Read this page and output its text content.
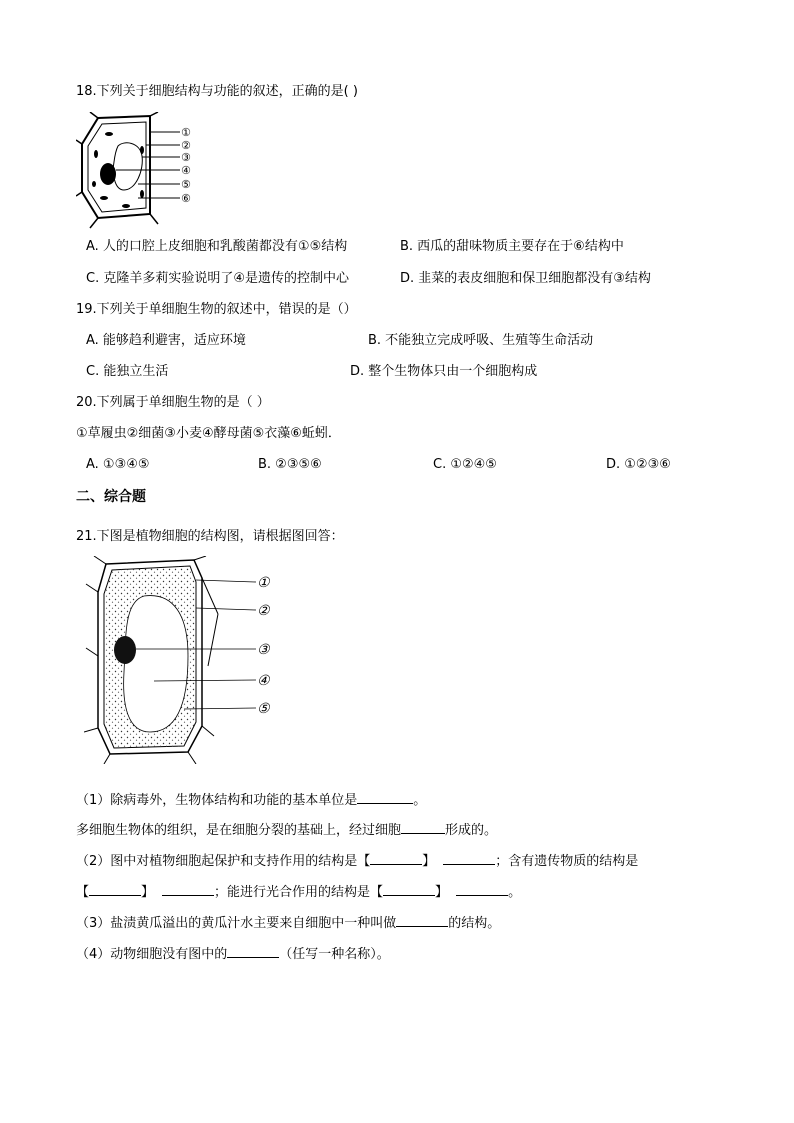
18.下列关于细胞结构与功能的叙述，正确的是( )
①
②
③
④
⑤
⑥
A. 人的口腔上皮细胞和乳酸菌都没有①⑤结构	B. 西瓜的甜味物质主要存在于⑥结构中
C. 克隆羊多莉实验说明了④是遗传的控制中心	D. 韭菜的表皮细胞和保卫细胞都没有③结构
19.下列关于单细胞生物的叙述中，错误的是（）
A. 能够趋利避害，适应环境	B. 不能独立完成呼吸、生殖等生命活动
C. 能独立生活	D. 整个生物体只由一个细胞构成
20.下列属于单细胞生物的是（ ）
①草履虫②细菌③小麦④酵母菌⑤衣藻⑥蚯蚓．
A. ①③④⑤	B. ②③⑤⑥	C. ①②④⑤	D. ①②③⑥
二、综合题
21.下图是植物细胞的结构图，请根据图回答：
①
②
③
④
⑤
（1）除病毒外，生物体结构和功能的基本单位是	。
多细胞生物体的组织，是在细胞分裂的基础上，经过细胞	形成的。
（2）图中对植物细胞起保护和支持作用的结构是【	】	；含有遗传物质的结构是
【	】	；能进行光合作用的结构是【	】	。
（3）盐渍黄瓜溢出的黄瓜汁水主要来自细胞中一种叫做	的结构。
（4）动物细胞没有图中的	（任写一种名称）。
